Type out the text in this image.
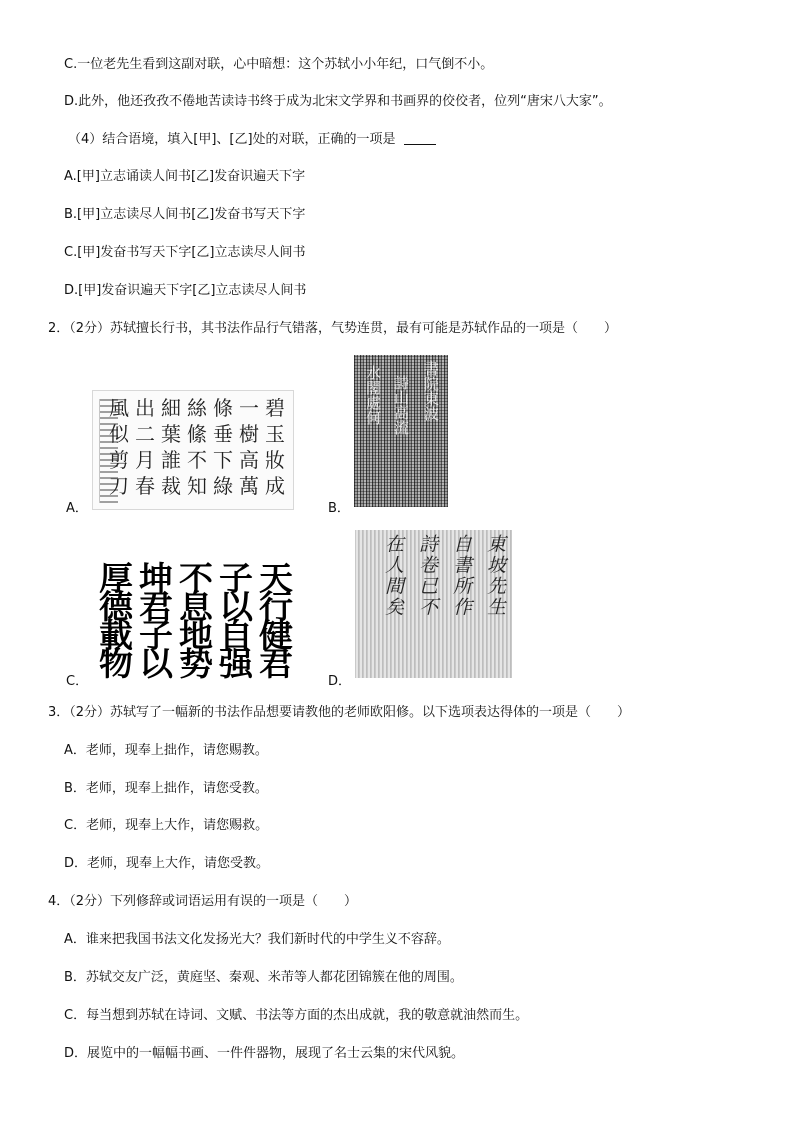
C.一位老先生看到这副对联，心中暗想：这个苏轼小小年纪，口气倒不小。
D.此外，他还孜孜不倦地苦读诗书终于成为北宋文学界和书画界的佼佼者，位列“唐宋八大家”。
（4）结合语境，填入[甲]、[乙]处的对联，正确的一项是
A.[甲]立志诵读人间书[乙]发奋识遍天下字
B.[甲]立志读尽人间书[乙]发奋书写天下字
C.[甲]发奋书写天下字[乙]立志读尽人间书
D.[甲]发奋识遍天下字[乙]立志读尽人间书
2．（2分）苏轼擅长行书，其书法作品行气错落，气势连贯，最有可能是苏轼作品的一项是（　　）
碧玉妝成
一樹高萬
條垂下綠
絲絛不知
細葉誰裁
出二月春
風似剪刀
A．
書院東波
詩山高流
水閣處何
B．
天行健君
子以自强
不息地势
坤君子以
厚德載物
C．
東坡先生
自書所作
詩卷已不
在人間矣
D．
3．（2分）苏轼写了一幅新的书法作品想要请教他的老师欧阳修。以下选项表达得体的一项是（　　）
A．老师，现奉上拙作，请您赐教。
B．老师，现奉上拙作，请您受教。
C．老师，现奉上大作，请您赐救。
D．老师，现奉上大作，请您受教。
4．（2分）下列修辞或词语运用有误的一项是（　　）
A．谁来把我国书法文化发扬光大？我们新时代的中学生义不容辞。
B．苏轼交友广泛，黄庭坚、秦观、米芾等人都花团锦簇在他的周围。
C．每当想到苏轼在诗词、文赋、书法等方面的杰出成就，我的敬意就油然而生。
D．展览中的一幅幅书画、一件件器物，展现了名士云集的宋代风貌。
